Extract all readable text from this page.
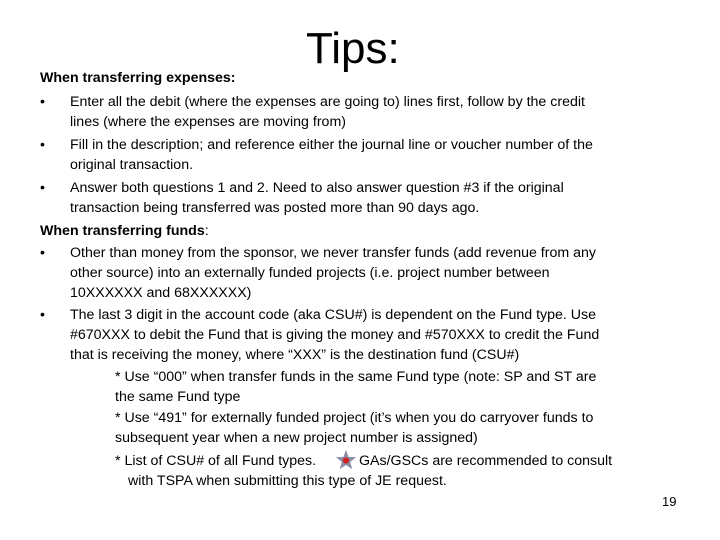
Tips:
When transferring expenses:
• Enter all the debit (where the expenses are going to) lines first, follow by the credit
lines (where the expenses are moving from)
• Fill in the description; and reference either the journal line or voucher number of the
original transaction.
• Answer both questions 1 and 2. Need to also answer question #3 if the original
transaction being transferred was posted more than 90 days ago.
When transferring funds:
• Other than money from the sponsor, we never transfer funds (add revenue from any
other source) into an externally funded projects (i.e. project number between
10XXXXXX and 68XXXXXX)
• The last 3 digit in the account code (aka CSU#) is dependent on the Fund type. Use
#670XXX to debit the Fund that is giving the money and #570XXX to credit the Fund
that is receiving the money, where “XXX” is the destination fund (CSU#)
* Use “000” when transfer funds in the same Fund type (note: SP and ST are
the same Fund type
* Use “491” for externally funded project (it’s when you do carryover funds to
subsequent year when a new project number is assigned)
* List of CSU# of all Fund types.	GAs/GSCs are recommended to consult
with TSPA when submitting this type of JE request.
19
